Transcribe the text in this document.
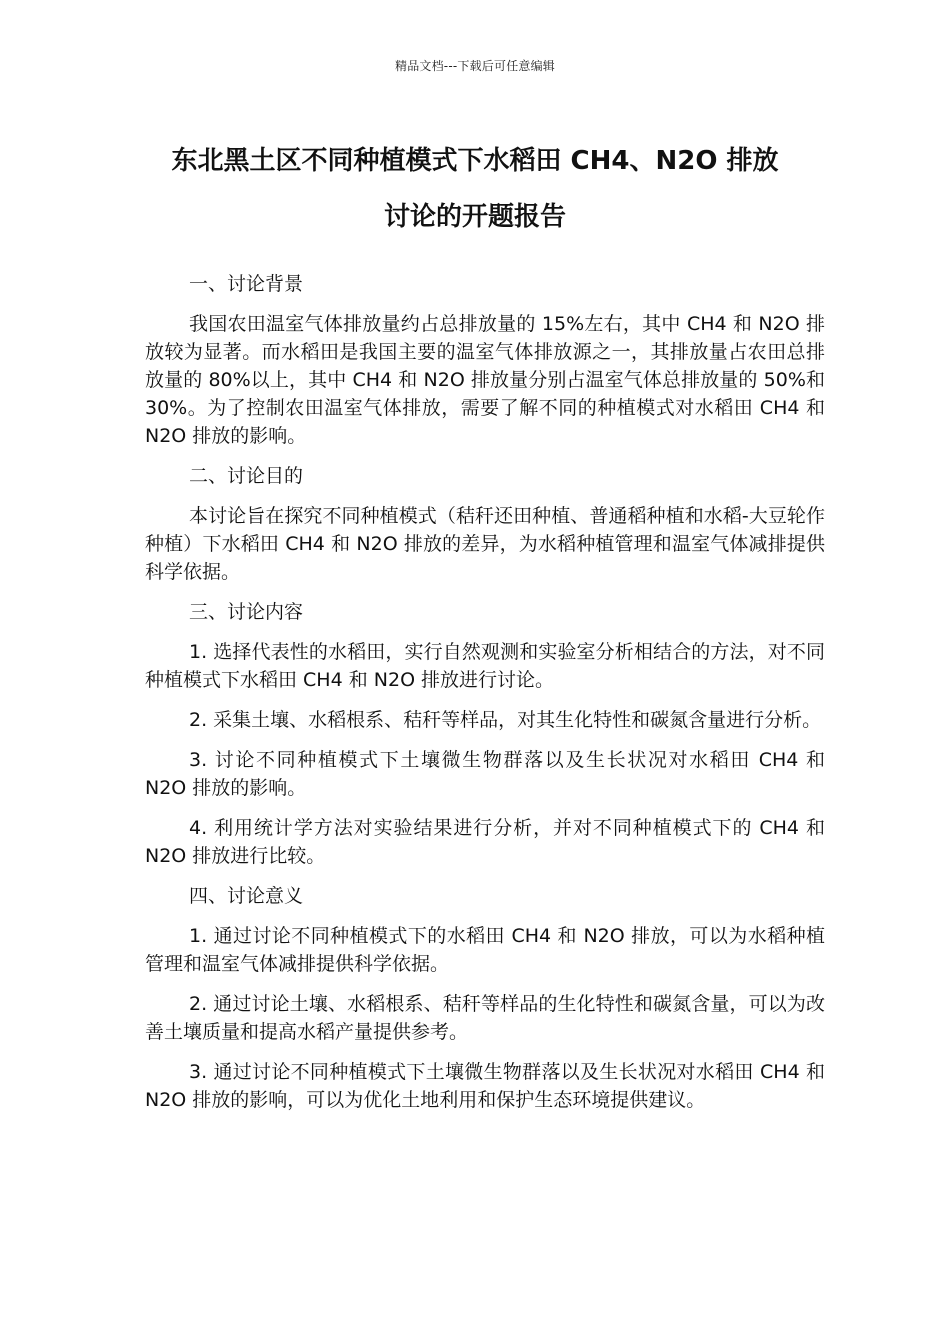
精品文档---下载后可任意编辑
东北黑土区不同种植模式下水稻田 CH4、N2O 排放
讨论的开题报告

一、讨论背景

我国农田温室气体排放量约占总排放量的 15%左右，其中 CH4 和 N2O 排放较为显著。而水稻田是我国主要的温室气体排放源之一，其排放量占农田总排放量的 80%以上，其中 CH4 和 N2O 排放量分别占温室气体总排放量的 50%和 30%。为了控制农田温室气体排放，需要了解不同的种植模式对水稻田 CH4 和 N2O 排放的影响。

二、讨论目的

本讨论旨在探究不同种植模式（秸秆还田种植、普通稻种植和水稻-大豆轮作种植）下水稻田 CH4 和 N2O 排放的差异，为水稻种植管理和温室气体减排提供科学依据。

三、讨论内容

1. 选择代表性的水稻田，实行自然观测和实验室分析相结合的方法，对不同种植模式下水稻田 CH4 和 N2O 排放进行讨论。

2. 采集土壤、水稻根系、秸秆等样品，对其生化特性和碳氮含量进行分析。

3. 讨论不同种植模式下土壤微生物群落以及生长状况对水稻田 CH4 和 N2O 排放的影响。

4. 利用统计学方法对实验结果进行分析，并对不同种植模式下的 CH4 和 N2O 排放进行比较。

四、讨论意义

1. 通过讨论不同种植模式下的水稻田 CH4 和 N2O 排放，可以为水稻种植管理和温室气体减排提供科学依据。

2. 通过讨论土壤、水稻根系、秸秆等样品的生化特性和碳氮含量，可以为改善土壤质量和提高水稻产量提供参考。

3. 通过讨论不同种植模式下土壤微生物群落以及生长状况对水稻田 CH4 和 N2O 排放的影响，可以为优化土地利用和保护生态环境提供建议。
